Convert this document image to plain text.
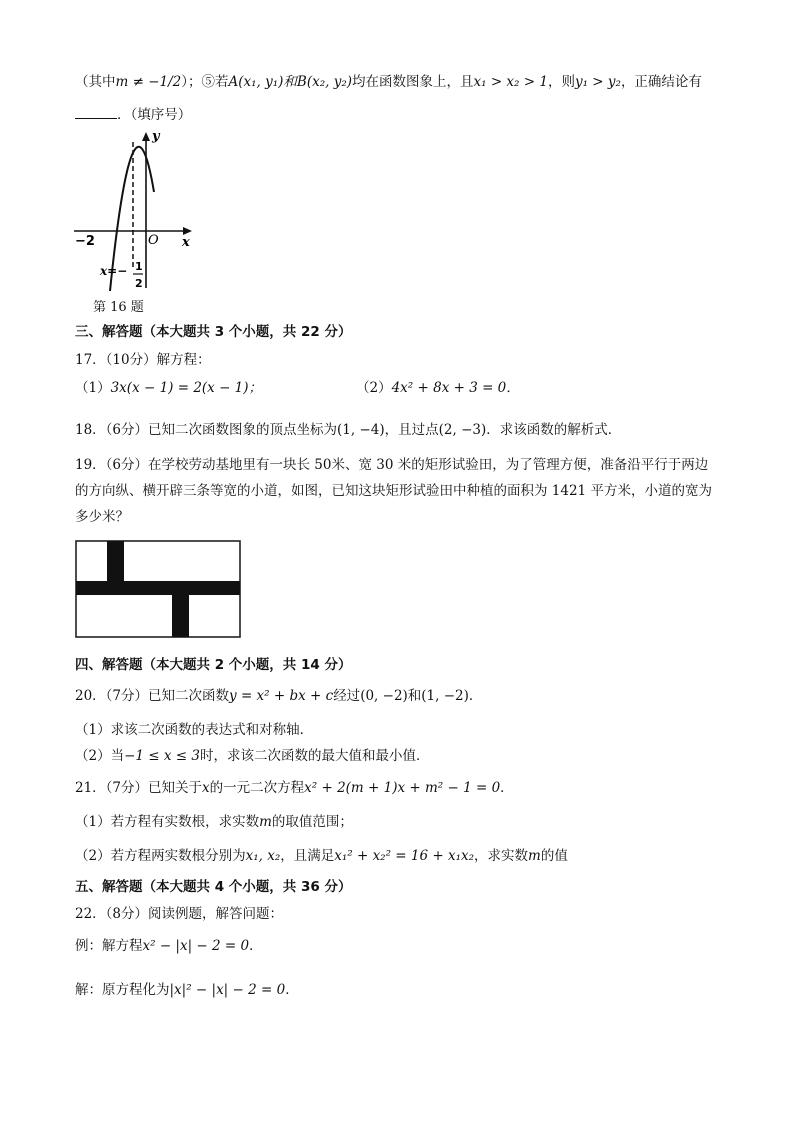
（其中m ≠ −1/2）；⑤若A(x₁, y₁)和B(x₂, y₂)均在函数图象上，且x₁ > x₂ > 1，则y₁ > y₂，正确结论有
．（填序号）
y
x
O
−2
x=− 1
2
第 16 题
三、解答题（本大题共 3 个小题，共 22 分）
17．（10分）解方程：
（1）3x(x − 1) = 2(x − 1)；	（2）4x² + 8x + 3 = 0．
18．（6分）已知二次函数图象的顶点坐标为(1, −4)，且过点(2, −3)．求该函数的解析式．
19．（6分）在学校劳动基地里有一块长 50米、宽 30 米的矩形试验田，为了管理方便，准备沿平行于两边
的方向纵、横开辟三条等宽的小道，如图，已知这块矩形试验田中种植的面积为 1421 平方米，小道的宽为
多少米？
四、解答题（本大题共 2 个小题，共 14 分）
20．（7分）已知二次函数y = x² + bx + c经过(0, −2)和(1, −2)．
（1）求该二次函数的表达式和对称轴．
（2）当−1 ≤ x ≤ 3时，求该二次函数的最大值和最小值．
21．（7分）已知关于x的一元二次方程x² + 2(m + 1)x + m² − 1 = 0．
（1）若方程有实数根，求实数m的取值范围；
（2）若方程两实数根分别为x₁, x₂，且满足x₁² + x₂² = 16 + x₁x₂，求实数m的值
五、解答题（本大题共 4 个小题，共 36 分）
22．（8分）阅读例题，解答问题：
例：解方程x² − |x| − 2 = 0．
解：原方程化为|x|² − |x| − 2 = 0．
